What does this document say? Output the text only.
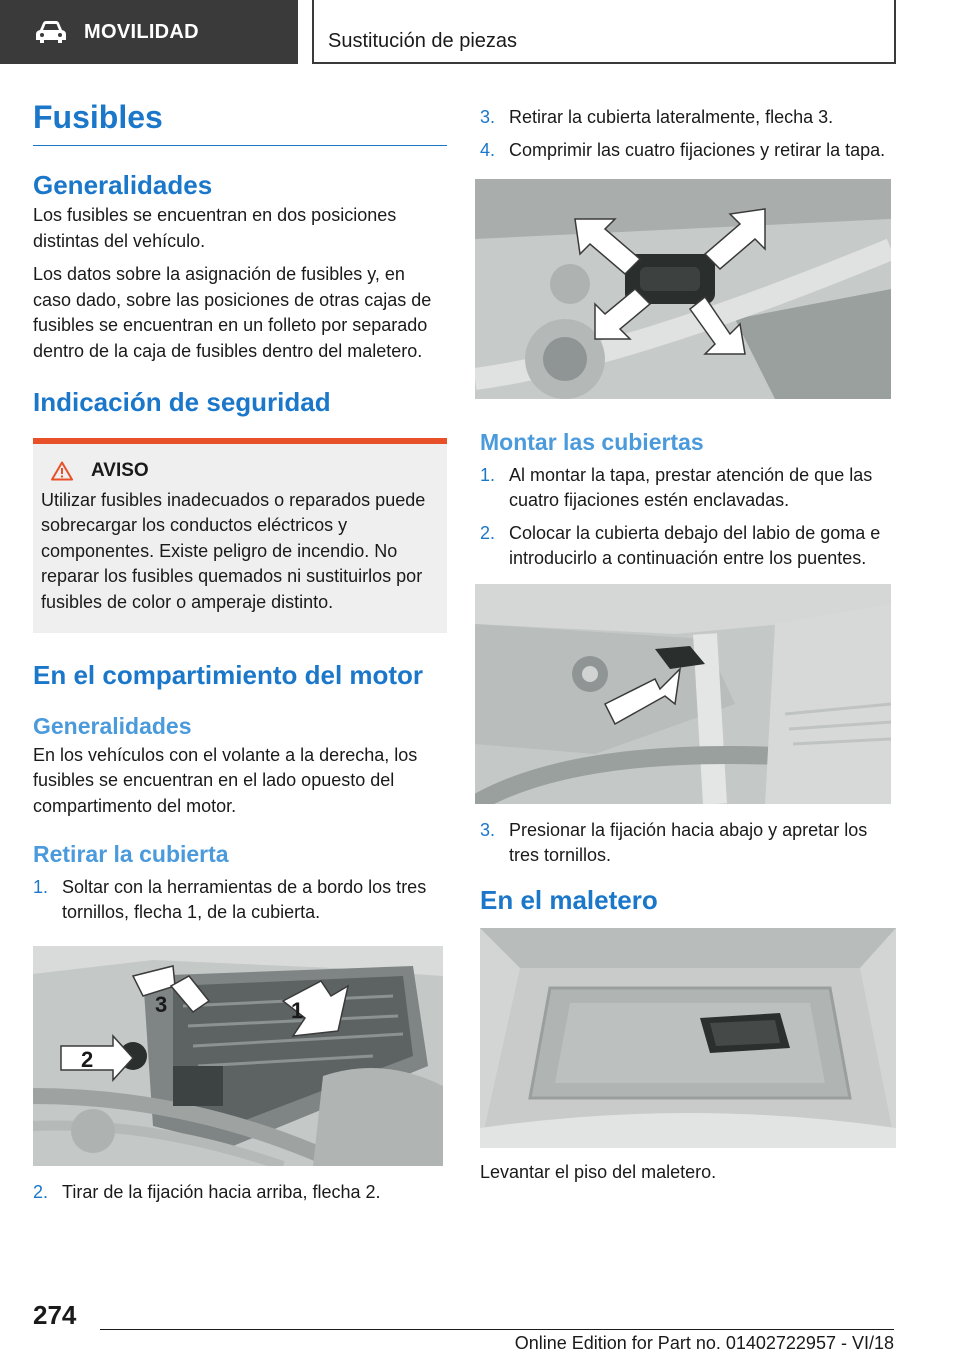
MOVILIDAD	Sustitución de piezas
Fusibles
Generalidades

Los fusibles se encuentran en dos posiciones distintas del vehículo.

Los datos sobre la asignación de fusibles y, en caso dado, sobre las posiciones de otras cajas de fusibles se encuentran en un folleto por separado dentro de la caja de fusibles dentro del maletero.

Indicación de seguridad
AVISO

Utilizar fusibles inadecuados o reparados puede sobrecargar los conductos eléctricos y componentes. Existe peligro de incendio. No reparar los fusibles quemados ni sustituirlos por fusibles de color o amperaje distinto.

En el compartimiento del motor
Generalidades

En los vehículos con el volante a la derecha, los fusibles se encuentran en el lado opuesto del compartimento del motor.

Retirar la cubierta
1. Soltar con la herramientas de a bordo los tres tornillos, flecha 1, de la cubierta.
3
2
1
2. Tirar de la fijación hacia arriba, flecha 2.
3. Retirar la cubierta lateralmente, flecha 3.
4. Comprimir las cuatro fijaciones y retirar la tapa.
Montar las cubiertas
1. Al montar la tapa, prestar atención de que las cuatro fijaciones estén enclavadas.
2. Colocar la cubierta debajo del labio de goma e introducirlo a continuación entre los puentes.
3. Presionar la fijación hacia abajo y apretar los tres tornillos.
En el maletero

Levantar el piso del maletero.

274
Online Edition for Part no. 01402722957 - VI/18
